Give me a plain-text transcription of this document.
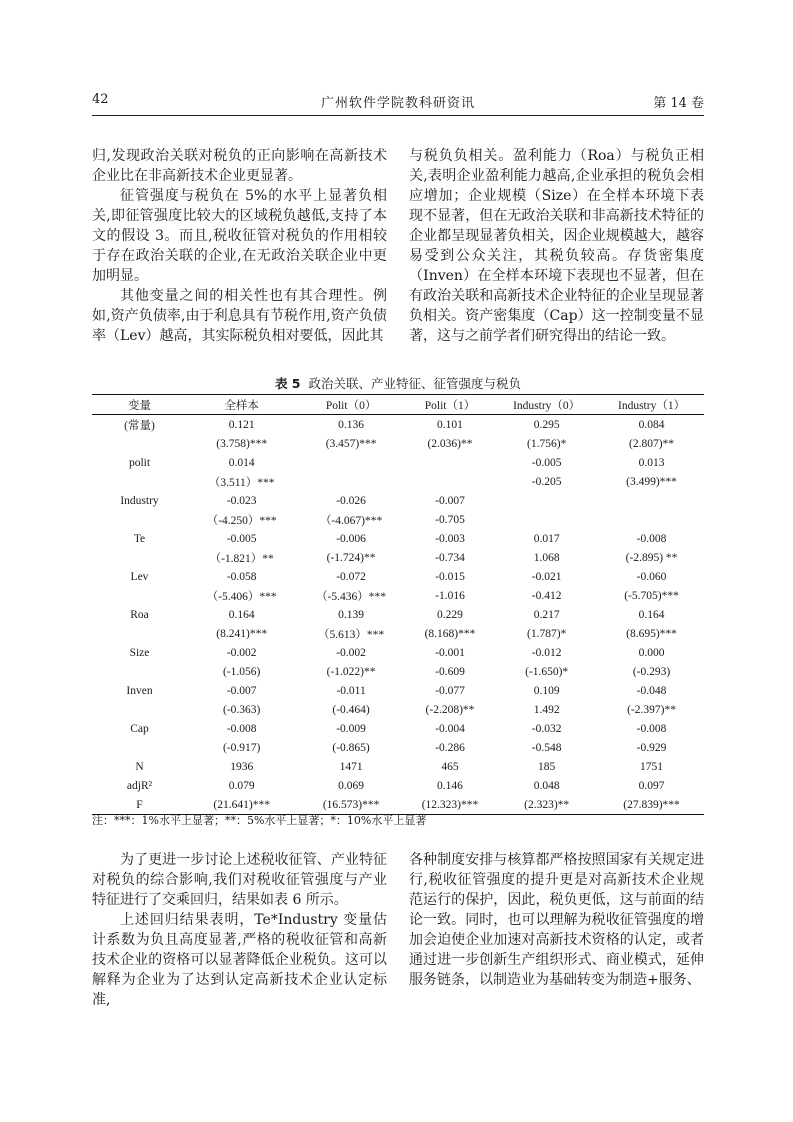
42	广州软件学院教科研资讯	第 14 卷

归,发现政治关联对税负的正向影响在高新技术企业比在非高新技术企业更显著。

征管强度与税负在 5%的水平上显著负相关,即征管强度比较大的区域税负越低,支持了本文的假设 3。而且,税收征管对税负的作用相较于存在政治关联的企业,在无政治关联企业中更加明显。

其他变量之间的相关性也有其合理性。例如,资产负债率,由于利息具有节税作用,资产负债率（Lev）越高，其实际税负相对要低，因此其

与税负负相关。盈利能力（Roa）与税负正相关,表明企业盈利能力越高,企业承担的税负会相应增加；企业规模（Size）在全样本环境下表现不显著，但在无政治关联和非高新技术特征的企业都呈现显著负相关，因企业规模越大，越容易受到公众关注，其税负较高。存货密集度（Inven）在全样本环境下表现也不显著，但在有政治关联和高新技术企业特征的企业呈现显著负相关。资产密集度（Cap）这一控制变量不显著，这与之前学者们研究得出的结论一致。

表 5 政治关联、产业特征、征管强度与税负
变量	全样本	Polit（0）	Polit（1）	Industry（0）	Industry（1）
(常量)	0.121	0.136	0.101	0.295	0.084
	(3.758)***	(3.457)***	(2.036)**	(1.756)*	(2.807)**
polit	0.014			-0.005	0.013
	（3.511）***			-0.205	(3.499)***
Industry	-0.023	-0.026	-0.007		
	（-4.250）***	（-4.067)***	-0.705		
Te	-0.005	-0.006	-0.003	0.017	-0.008
	（-1.821）**	(-1.724)**	-0.734	1.068	(-2.895) **
Lev	-0.058	-0.072	-0.015	-0.021	-0.060
	（-5.406）***	（-5.436）***	-1.016	-0.412	(-5.705)***
Roa	0.164	0.139	0.229	0.217	0.164
	(8.241)***	（5.613）***	(8.168)***	(1.787)*	(8.695)***
Size	-0.002	-0.002	-0.001	-0.012	0.000
	(-1.056)	(-1.022)**	-0.609	(-1.650)*	(-0.293)
Inven	-0.007	-0.011	-0.077	0.109	-0.048
	(-0.363)	(-0.464)	(-2.208)**	1.492	(-2.397)**
Cap	-0.008	-0.009	-0.004	-0.032	-0.008
	(-0.917)	(-0.865)	-0.286	-0.548	-0.929
N	1936	1471	465	185	1751
adjR²	0.079	0.069	0.146	0.048	0.097
F	(21.641)***	(16.573)***	(12.323)***	(2.323)**	(27.839)***
注：***：1%水平上显著；**：5%水平上显著；*：10%水平上显著

为了更进一步讨论上述税收征管、产业特征对税负的综合影响,我们对税收征管强度与产业特征进行了交乘回归，结果如表 6 所示。

上述回归结果表明，Te*Industry 变量估计系数为负且高度显著,严格的税收征管和高新技术企业的资格可以显著降低企业税负。这可以解释为企业为了达到认定高新技术企业认定标准,

各种制度安排与核算都严格按照国家有关规定进行,税收征管强度的提升更是对高新技术企业规范运行的保护，因此，税负更低，这与前面的结论一致。同时，也可以理解为税收征管强度的增加会迫使企业加速对高新技术资格的认定，或者通过进一步创新生产组织形式、商业模式，延伸服务链条，以制造业为基础转变为制造+服务、
